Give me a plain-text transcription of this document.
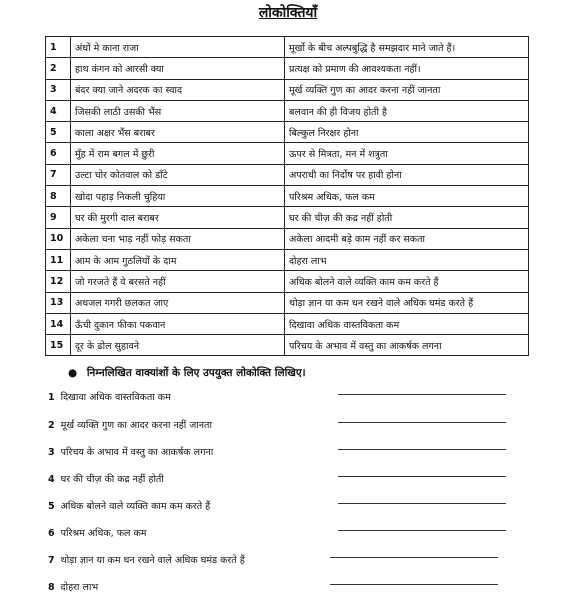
लोकोक्तियाँ
1	अंधों मे काना राजा	मूर्खो के बीच अल्पबुद्धि है समझदार माने जाते हैं।
2	हाथ कंगन को आरसी क्या	प्रत्यक्ष को प्रमाण की आवश्यकता नहीं।
3	बंदर क्या जाने अदरक का स्वाद	मूर्ख व्यक्ति गुण का आदर करना नहीं जानता
4	जिसकी लाठी उसकी भैंस	बलवान की ही विजय होती है
5	काला अक्षर भैंस बराबर	बिल्कुल निरक्षर होना
6	मुँह में राम बगल में छुरी	ऊपर से मित्रता, मन में शत्रुता
7	उल्टा चोर कोतवाल को डाँटे	अपराधी का निर्दोष पर हावी होना
8	खोदा पहाड़ निकली चुहिया	परिश्रम अधिक, फल कम
9	घर की मुरगी दाल बराबर	घर की चीज़ की कद्र नहीं होती
10	अकेला चना भाड़ नहीं फोड़ सकता	अकेला आदमी बड़े काम नहीं कर सकता
11	आम के आम गुठलियों के दाम	दोहरा लाभ
12	जो गरजते हैं वे बरसते नहीं	अधिक बोलने वाले व्यक्ति काम कम करते हैं
13	अधजल गगरी छलकत जाए	थोड़ा ज्ञान या कम धन रखने वाले अधिक घमंड करते हैं
14	ऊँची दुकान फीका पकवान	दिखावा अधिक वास्तविकता कम
15	दूर के ढोल सुहावने	परिचय के अभाव में वस्तु का आकर्षक लगना
● निम्नलिखित वाक्यांशों के लिए उपयुक्त लोकोक्ति लिखिए।
1 दिखावा अधिक वास्तविकता कम
2 मूर्ख व्यक्ति गुण का आदर करना नहीं जानता
3 परिचय के अभाव में वस्तु का आकर्षक लगना
4 घर की चीज़ की कद्र नहीं होती
5 अधिक बोलने वाले व्यक्ति काम कम करते हैं
6 परिश्रम अधिक, फल कम
7 थोड़ा ज्ञान या कम धन रखने वाले अधिक घमंड करते हैं
8 दोहरा लाभ
